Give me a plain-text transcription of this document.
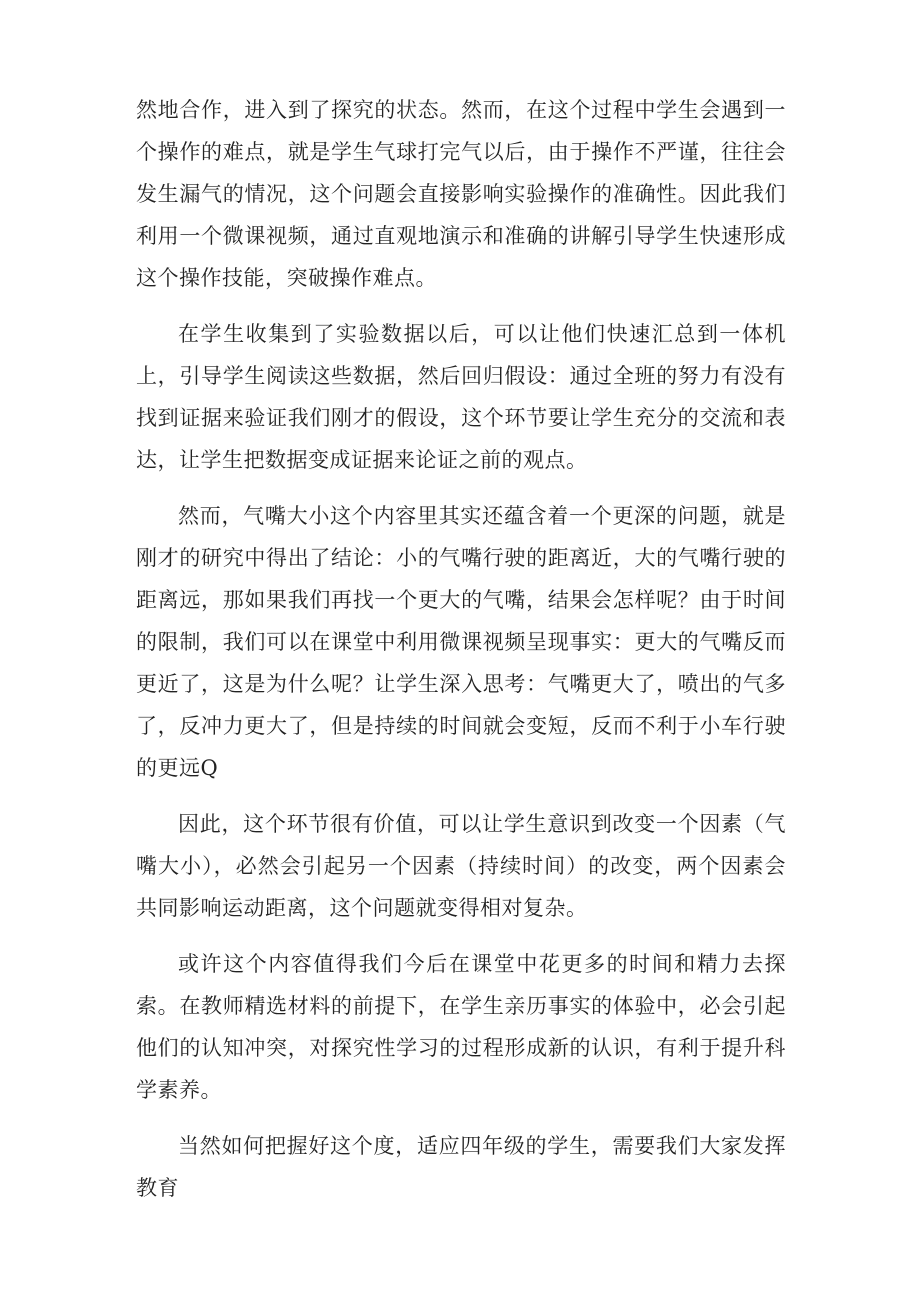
然地合作，进入到了探究的状态。然而，在这个过程中学生会遇到一个操作的难点，就是学生气球打完气以后，由于操作不严谨，往往会发生漏气的情况，这个问题会直接影响实验操作的准确性。因此我们利用一个微课视频，通过直观地演示和准确的讲解引导学生快速形成这个操作技能，突破操作难点。

在学生收集到了实验数据以后，可以让他们快速汇总到一体机上，引导学生阅读这些数据，然后回归假设：通过全班的努力有没有找到证据来验证我们刚才的假设，这个环节要让学生充分的交流和表达，让学生把数据变成证据来论证之前的观点。

然而，气嘴大小这个内容里其实还蕴含着一个更深的问题，就是刚才的研究中得出了结论：小的气嘴行驶的距离近，大的气嘴行驶的距离远，那如果我们再找一个更大的气嘴，结果会怎样呢？由于时间的限制，我们可以在课堂中利用微课视频呈现事实：更大的气嘴反而更近了，这是为什么呢？让学生深入思考：气嘴更大了，喷出的气多了，反冲力更大了，但是持续的时间就会变短，反而不利于小车行驶的更远Q

因此，这个环节很有价值，可以让学生意识到改变一个因素（气嘴大小），必然会引起另一个因素（持续时间）的改变，两个因素会共同影响运动距离，这个问题就变得相对复杂。

或许这个内容值得我们今后在课堂中花更多的时间和精力去探索。在教师精选材料的前提下，在学生亲历事实的体验中，必会引起他们的认知冲突，对探究性学习的过程形成新的认识，有利于提升科学素养。

当然如何把握好这个度，适应四年级的学生，需要我们大家发挥教育
